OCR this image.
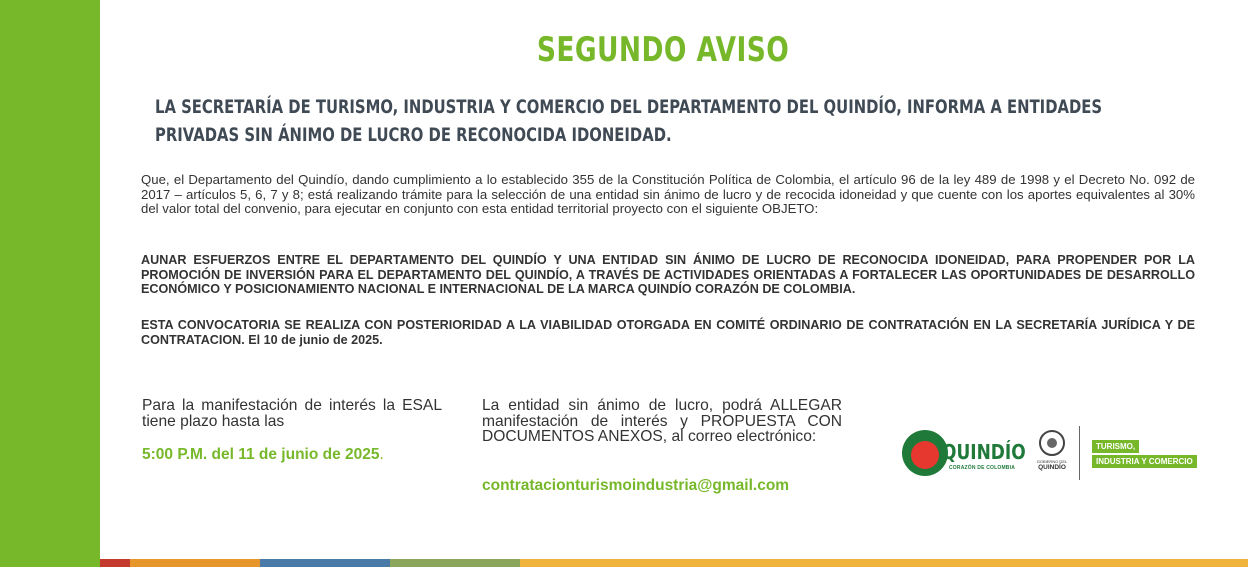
SEGUNDO AVISO
LA SECRETARÍA DE TURISMO, INDUSTRIA Y COMERCIO DEL DEPARTAMENTO DEL QUINDÍO, INFORMA A ENTIDADES PRIVADAS SIN ÁNIMO DE LUCRO DE RECONOCIDA IDONEIDAD.
Que, el Departamento del Quindío, dando cumplimiento a lo establecido 355 de la Constitución Política de Colombia, el artículo 96 de la ley 489 de 1998 y el Decreto No. 092 de 2017 – artículos 5, 6, 7 y 8; está realizando trámite para la selección de una entidad sin ánimo de lucro y de recocida idoneidad y que cuente con los aportes equivalentes al 30% del valor total del convenio, para ejecutar en conjunto con esta entidad territorial proyecto con el siguiente OBJETO:
AUNAR ESFUERZOS ENTRE EL DEPARTAMENTO DEL QUINDÍO Y UNA ENTIDAD SIN ÁNIMO DE LUCRO DE RECONOCIDA IDONEIDAD, PARA PROPENDER POR LA PROMOCIÓN DE INVERSIÓN PARA EL DEPARTAMENTO DEL QUINDÍO, A TRAVÉS DE ACTIVIDADES ORIENTADAS A FORTALECER LAS OPORTUNIDADES DE DESARROLLO ECONÓMICO Y POSICIONAMIENTO NACIONAL E INTERNACIONAL DE LA MARCA QUINDÍO CORAZÓN DE COLOMBIA.
ESTA CONVOCATORIA SE REALIZA CON POSTERIORIDAD A LA VIABILIDAD OTORGADA EN COMITÉ ORDINARIO DE CONTRATACIÓN EN LA SECRETARÍA JURÍDICA Y DE CONTRATACION. El 10 de junio de 2025.
Para la manifestación de interés la ESAL tiene plazo hasta las
5:00 P.M. del 11 de junio de 2025.
La entidad sin ánimo de lucro, podrá ALLEGAR manifestación de interés y PROPUESTA CON DOCUMENTOS ANEXOS, al correo electrónico:
contratacionturismoindustria@gmail.com
QUINDÍO
CORAZÓN DE COLOMBIA
GOBIERNO DEL
QUINDÍO
TURISMO,
INDUSTRIA Y COMERCIO
